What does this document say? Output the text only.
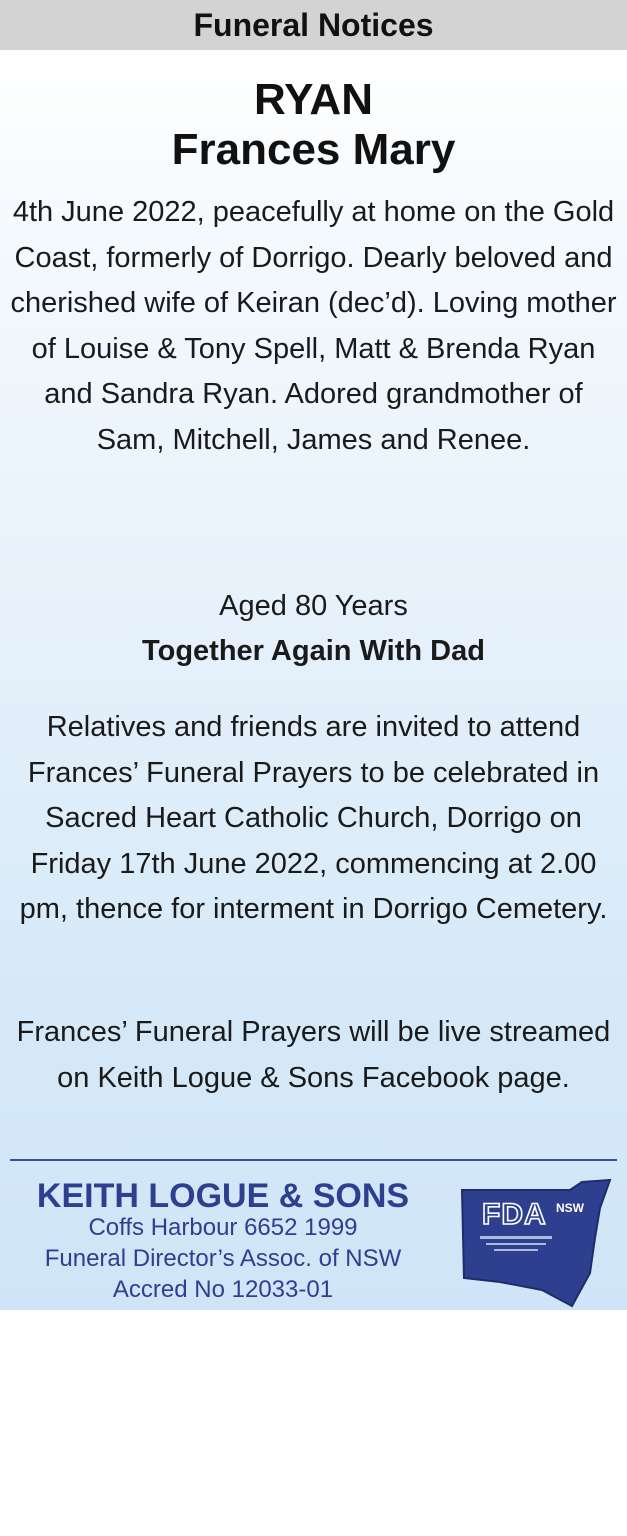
Funeral Notices
RYAN
Frances Mary
4th June 2022, peacefully at home on the Gold Coast, formerly of Dorrigo. Dearly beloved and cherished wife of Keiran (dec’d). Loving mother of Louise & Tony Spell, Matt & Brenda Ryan and Sandra Ryan. Adored grandmother of Sam, Mitchell, James and Renee.
Aged 80 Years
Together Again With Dad
Relatives and friends are invited to attend Frances’ Funeral Prayers to be celebrated in Sacred Heart Catholic Church, Dorrigo on Friday 17th June 2022, commencing at 2.00 pm, thence for interment in Dorrigo Cemetery.
Frances’ Funeral Prayers will be live streamed on Keith Logue & Sons Facebook page.
KEITH LOGUE & SONS
Coffs Harbour 6652 1999
Funeral Director’s Assoc. of NSW
Accred No 12033-01
FDA NSW
